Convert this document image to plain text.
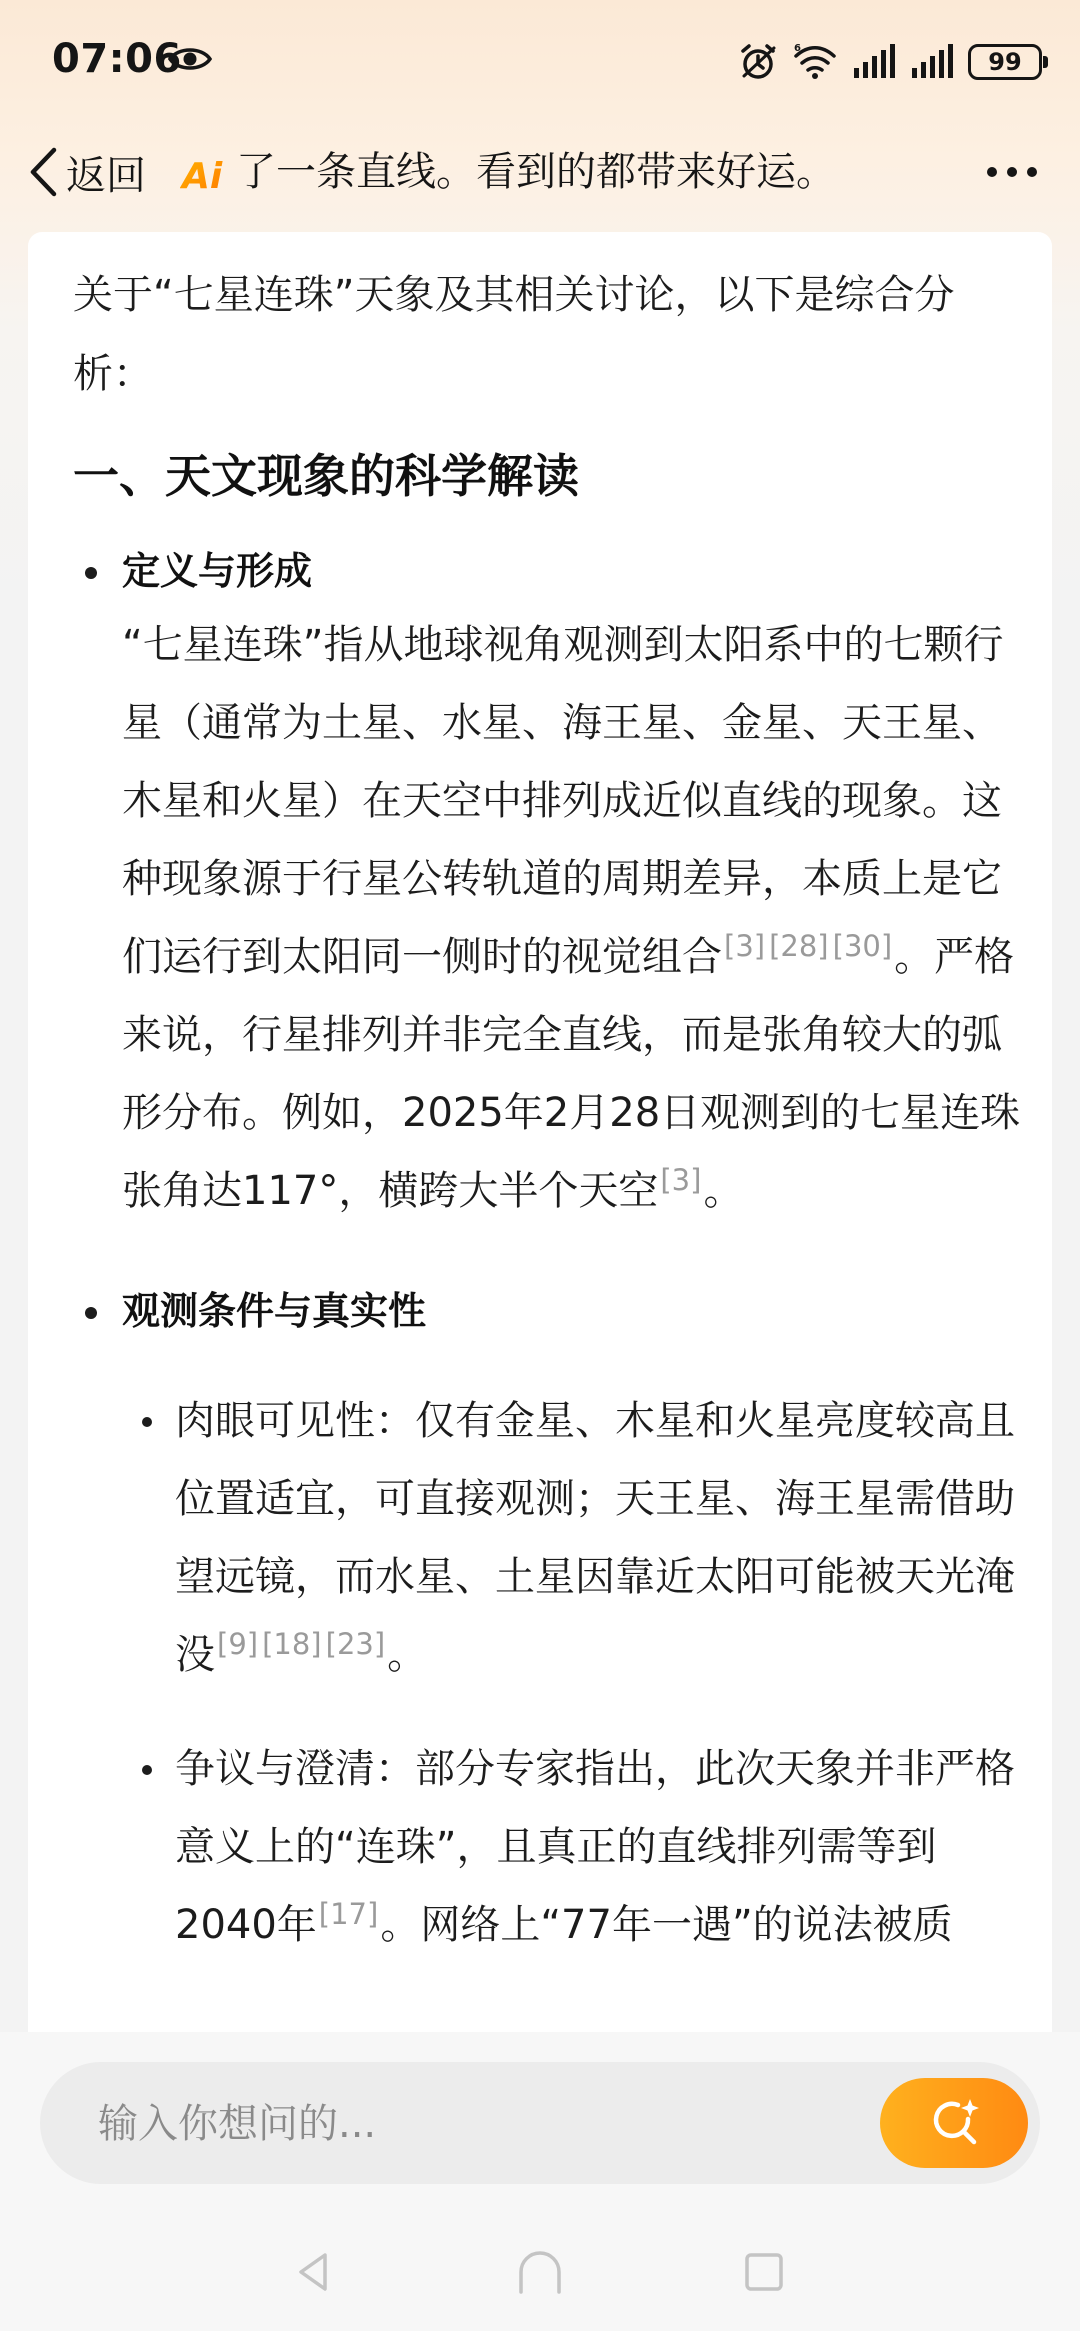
07:06	6	99
返回 Ai 了一条直线。看到的都带来好运。

关于“七星连珠”天象及其相关讨论，以下是综合分析：

一、天文现象的科学解读
定义与形成

“七星连珠”指从地球视角观测到太阳系中的七颗行星（通常为土星、水星、海王星、金星、天王星、木星和火星）在天空中排列成近似直线的现象。这种现象源于行星公转轨道的周期差异，本质上是它们运行到太阳同一侧时的视觉组合[3] [28] [30]。严格来说，行星排列并非完全直线，而是张角较大的弧形分布。例如，2025年2月28日观测到的七星连珠张角达117°，横跨大半个天空[3]。

观测条件与真实性

肉眼可见性：仅有金星、木星和火星亮度较高且位置适宜，可直接观测；天王星、海王星需借助望远镜，而水星、土星因靠近太阳可能被天光淹没[9] [18] [23]。

争议与澄清：部分专家指出，此次天象并非严格意义上的“连珠”，且真正的直线排列需等到2040年[17]。网络上“77年一遇”的说法被质

输入你想问的...
